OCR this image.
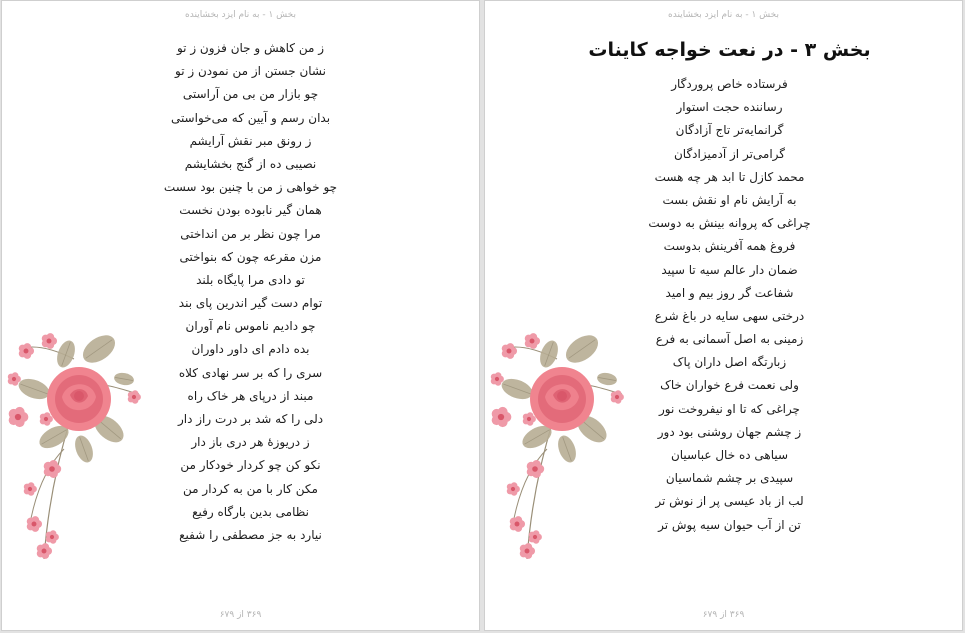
بخش ۱ - به نام ایزد بخشاینده
ز من کاهش و جان فزون ز تو
نشان جستن از من نمودن ز تو
چو بازار من بی من آراستی
بدان رسم و آیین که می‌خواستی
ز رونق مبر نقش آرایشم
نصیبی ده از گنج بخشایشم
چو خواهی ز من با چنین بود سست
همان گیر نابوده بودن نخست
مرا چون نظر بر من انداختی
مزن مقرعه چون که بنواختی
تو دادی مرا پایگاه بلند
توام دست گیر اندرین پای بند
چو دادیم ناموس نام آوران
بده دادم ای داور داوران
سری را که بر سر نهادی کلاه
مبند از درپای هر خاک راه
دلی را که شد بر درت راز دار
ز دریوزهٔ هر دری باز دار
نکو کن چو کردار خودکار من
مکن کار با من به کردار من
نظامی بدین بارگاه رفیع
نیارد به جز مصطفی را شفیع
۳۶۹ از ۶۷۹
بخش ۱ - به نام ایزد بخشاینده
بخش ۳ - در نعت خواجه کاینات
فرستاده خاص پروردگار
رساننده حجت استوار
گرانمایه‌تر تاج آزادگان
گرامی‌تر از آدمیزادگان
محمد کازل تا ابد هر چه هست
به آرایش نام او نقش بست
چراغی که پروانه بینش به دوست
فروغ همه آفرینش بدوست
ضمان دار عالم سیه تا سپید
شفاعت گر روز بیم و امید
درختی سهی سایه در باغ شرع
زمینی به اصل آسمانی به فرع
زبارتگه اصل داران پاک
ولی نعمت فرع خواران خاک
چراغی که تا او نیفروخت نور
ز چشم جهان روشنی بود دور
سیاهی ده خال عباسیان
سپیدی بر چشم شماسیان
لب از باد عیسی پر از نوش تر
تن از آب حیوان سیه پوش تر
۳۶۹ از ۶۷۹
